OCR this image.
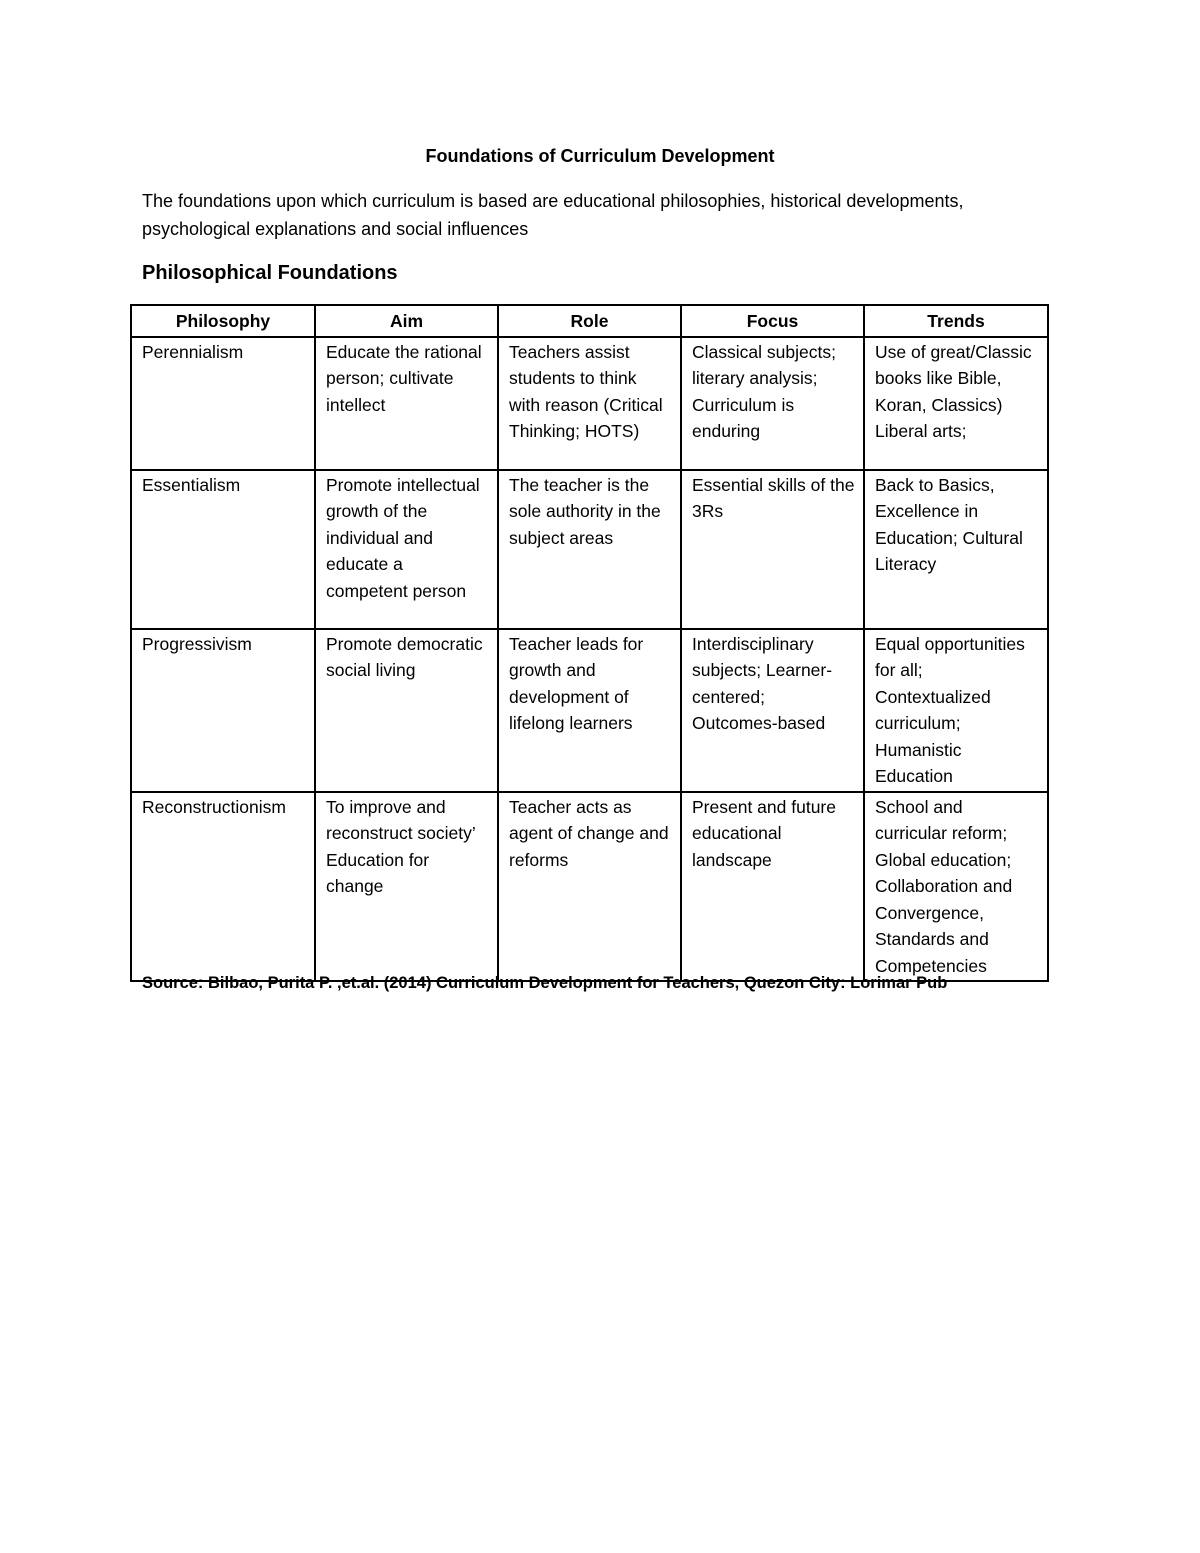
Foundations of Curriculum Development
The foundations upon which curriculum is based are educational philosophies, historical developments, psychological explanations and social influences
Philosophical Foundations
Philosophy	Aim	Role	Focus	Trends
Perennialism	Educate the rational person; cultivate intellect	Teachers assist students to think with reason (Critical Thinking; HOTS)	Classical subjects; literary analysis; Curriculum is enduring	Use of great/Classic books like Bible, Koran, Classics) Liberal arts;
Essentialism	Promote intellectual growth of the individual and educate a competent person	The teacher is the sole authority in the subject areas	Essential skills of the 3Rs	Back to Basics, Excellence in Education; Cultural Literacy
Progressivism	Promote democratic social living	Teacher leads for growth and development of lifelong learners	Interdisciplinary subjects; Learner-centered; Outcomes-based	Equal opportunities for all; Contextualized curriculum; Humanistic Education
Reconstructionism	To improve and reconstruct society’ Education for change	Teacher acts as agent of change and reforms	Present and future educational landscape	School and curricular reform; Global education; Collaboration and Convergence, Standards and Competencies
Source: Bilbao, Purita P. ,et.al. (2014) Curriculum Development for Teachers, Quezon City: Lorimar Pub
